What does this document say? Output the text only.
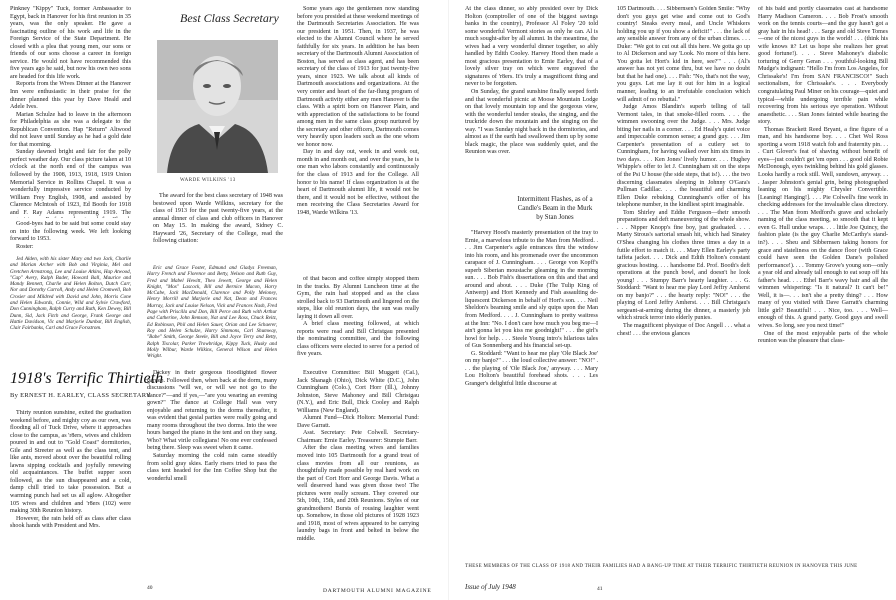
Pinkney "Kippy" Tuck, former Ambassador to Egypt, back in Hanover for his first reunion in 35 years, was the only speaker. He gave a fascinating outline of his work and life in the Foreign Service of the State Department. He closed with a plea that young men, our sons or friends of our sons choose a career in foreign service. He would not have recommended this five years ago he said, but now his own two sons are headed for this life work.

Reports from the Wives Dinner at the Hanover Inn were enthusiastic in their praise for the dinner planned this year by Dave Heald and Adele Ives.

Marian Schulze had to leave in the afternoon for Philadelphia as she was a delegate to the Republican Convention. Hap "Return" Altwood did not leave until Sunday as he had a gold date for that morning.

Sunday dawned bright and fair for the polly perfect weather day. Our class picture taken at 10 o'clock at the north end of the campus was followed by the 1908, 1913, 1918, 1919 Union Memorial Service in Rollins Chapel. It was a wonderfully impressive service conducted by William Frey English, 1908, and assisted by Clarence McIntosh of 1923, Ed Booth for 1918 and F. Ray Adams representing 1919. The

Good-byes had to be said but some could stay on into the following week. We left looking forward to 1953.

Roster:

Best Class Secretary
WARDE WILKINS '13

The award for the best class secretary of 1948 was bestowed upon Warde Wilkins, secretary for the class of 1913 for the past twenty-five years, at the annual dinner of class and club officers in Hanover on May 15. In making the award, Sidney C. Hayward '26, Secretary of the College, read the following citation:

Some years ago the gentlemen now standing before you presided at these weekend meetings of the Dartmouth Secretaries Association. He was our president in 1951. Then, in 1937, he was elected to the Alumni Council where he served faithfully for six years. In addition he has been secretary of the Dartmouth Alumni Association of Boston, has served as class agent, and has been secretary of the class of 1913 for just twenty-five years, since 1923. We talk about all kinds of Dartmouth associations and organizations. At the very center and heart of the far-flung program of Dartmouth activity either any men Hanover is the class. With a spirit born on Hanover Plain, and with appreciation of the satisfactions to be found among men in the same class group nurtured by the secretary and other officers, Dartmouth comes very heavily upon leaders such as the one whom we honor now.

Day in and day out, week in and week out, month in and month out, and over the years, he is one man who labors constantly and continuously for the class of 1913 and for the College. All honor to his name! If class organization is at the heart of Dartmouth alumni life, it would not be there, and it would not be effective, without the men receiving the Class Secretaries Award for 1948, Warde Wilkins '13.

Jed Alden, with his sister Mary and two Jack, Charlie and Marian Archer with Bob and Virginia, Mel and Gretchen Armstrong, Lee and Louise Atkins, Hap Atwood, "Cap" Avery, Ralph Bader, Howard Ball, Maurice and Mandy Bennett, Charlie and Helen Bolton, Dutch Carr, Nor and Dorothy Carroll, Andy and Helen Cromwell, Bob Crosier and Mildred with David and John, Morris Cone and Helen Edwards, Connie, Wild and Sylvie Crawford, Don Cunningham, Ralph Curry and Ruth, Ken Dewey, Bill Dunn, Sid, Jack Fitch and George, Frank George and Hattie Davidson, Vic and Marjorie Dunbar, Bill English, Clair Fairbanks, Carl and Grace Forsstrom.

Eric and Grace Foster, Edmund and Gladys Freeman, Harry French and Florence and Betty, Nelson and Ruth Guy, Fred and Mabel Hewitt, Theo Jewett, George and Helen Knight, "Mox" Lascock, Bill and Bernice Macon, Harry McCabe, Jack MacDonald, Clarence and Polly Meloney, Henry Morrill and Marjorie and Nat, Dean and Frances Murray, Jack and Louise Nelson, Vick and Frances Nash, Fred Page with Priscilla and Don, Bill Perce and Ruth with Arthur and Catherine, John Remson, Nat and Lee Ross, Chuck Reitz, Ed Robinson, Phil and Helen Sauer, Orian and Lee Schaerer, Roy and Helen Schulze, Harry Simmons, Carl Shumway, "Babe" Smith, George Steele, Bill and Joyce Terry and Betty, Ralph Tiscolar, Parker Trowbridge, Kippy Tuck, Husky and Molly Wilbur, Warde Wilkins, General Wilson and Helen Wright.

of that bacon and coffee simply stopped them in the tracks. By Alumni Luncheon time at the Gym, the rain had stopped and as the class strolled back to 93 Dartmouth and lingered on the steps, like old reunion days, the sun was really laying it down all over.

A brief class meeting followed, at which reports were read and Bill Christgau presented the nominating committee, and the following class officers were elected to serve for a period of five years.

1918's Terrific Thirtieth
By ERNEST H. EARLEY, CLASS SECRETARY

Thirty reunion sunshine, exited the graduation weekend before, and mighty coy as our own, was flooding all of Tuck Drive, where it approaches close to the campus, as 'r8ers, wives and children poured in and out to "Gold Coast" dormitories, Gile and Streeter as well as the class tent, and like ants, moved about over the beautiful rolling lawns sipping cocktails and joyfully renewing old acquaintances. The buffet supper soon followed, as the sun disappeared and a cold, damp chill tried to take possession. But a warming punch had set us all aglow. Altogether 105 wives and children and 'r8ers (102) were making 30th Reunion history.

However, the rain held off as class after class shook hands with President and Mrs.

Dickey in their gorgeous floodlighted flower garden. Followed then, when back at the dorm, many discussions "will we, or will we not go to the dance?"—and if yes,—"are you wearing an evening gown?" The dance at College Hall was very enjoyable and returning to the dorms thereafter, it was evident that gesial parties were really going and many rooms throughout the two dorms. Into the wee hours banged the piano in the tent and on they sang. Who? What virile collegians! No one ever confessed being there. Sleep was sweet when it came.

Saturday morning the cold rain came steadily from solid gray skies. Early risers tried to pass the class tent headed for the Inn Coffee Shop but the wonderful smell

Executive Committee: Bill Muggett (Cal.), Jack Shanagh (Ohio), Dick White (D.C.), John Cunningham (Colo.), Cort Horr (Ill.), Johnny Johnston, Steve Mahoney and Bill Christgau (N.Y.), and Eric Bull, Dick Cooley and Ralph Williams (New England).

Alumni Fund—Dick Holton: Memorial Fund: Dave Garratt.

Asst. Secretary: Pete Colwell. Secretary-Chairman: Ernie Earley. Treasurer: Stumpie Barr.

After the class meeting wives and families moved into 105 Dartmouth for a grand treat of class movies from all our reunions, as thoughtfully made possible by real hard work on the part of Cort Horr and George Davis. What a well deserved hand was given those two! The pictures were really scream. They covered our 5th, 10th, 15th, and 20th Reunions. Styles of our grandmothers! Bursts of rousing laughter went up. Somehow, in those old pictures of 1928 1923 and 1918, most of wives appeared to be carrying laundry bags in front and belted in below the middle.

40	DARTMOUTH ALUMNI MAGAZINE

At the class dinner, so ably presided over by Dick Holton (comptroller of one of the biggest savings banks in the country), Professor Al Foley '20 told some wonderful Vermont stories as only he can. Al is much sought-after by all alumni. In the meantime, the wives had a very wonderful dinner together, so ably handled by Edith Cooley. Harvey Hood then made a most gracious presentation to Ernie Earley, that of a lovely silver tray on which were engraved the signatures of 'r8ers. It's truly a magnificent thing and never to be forgotten.

On Sunday, the grand sunshine finally seeped forth and that wonderful picnic at Moose Mountain Lodge on that lovely mountain top and the gorgeous view, with the wonderful tender steaks, the singing, and the truckride down the mountain and the singing on the way. "I was Sunday night back in the dormitories, and almost as if the earth had swallowed them up by some black magic, the place was suddenly quiet, and the Reunion was over.

Intermittent Flashes, as of a Candle's Beam in the Murk
by Stan Jones

"Harvey Hood's masterly presentation of the tray to Ernie, a marvelous tribute to the Man from Medford. . . . Jim Carpenter's agile entrances thru the window into his room, and his promenade over the uncommon carapace of J. Cunningham. . . . George von Kopff's superb Siberian moustache gleaming in the morning sun. . . . Bob Fish's dissertations on this and that and around and about. . . . Duke (The Tulip King of Antwerp) and Hort Kennedy and Fish assaulting de-liquescent Dickerson in behalf of Hort's son. . . . Neil Sheldon's beaming smile and sly quips upon the Man from Medford. . . . J. Cunningham to pretty waitress at the Inn: "No. I don't care how much you beg me—I ain't gonna let you kiss me goodnight!" . . . the girl's howl for help. . . . Steele Young intro's hilarious tales of Gus Sonnenberg and his financial set-up.

G. Stoddard: "Want to hear me play 'Ole Black Joe' on my banjo?" . . . the loud collective answer: "NO!" . . . the playing of 'Ole Black Joe,' anyway. . . . Mary Lou Holton's beautiful forehead shots. . . . Les Granger's delightful little discourse at

105 Dartmouth. . . . Sibbernsen's Golden Smile: "Why don't you guys get wise and come out to God's country! Steaks every meal, and Uncle Whiskers holding you up if you show a deficit!" . . . the lack of any sensible answer from any of the urban climes. . . . Duke: "We got to cut out all this here. We gotta go up to Al Dickerson and say 'Look. No more of this here. You gotta let Hort's kid in here, see?'" . . . (Al's answer has not yet come thru, but we have no doubt but that he had one). . . . Fish: "No, that's not the way, you guys. Let me lay it out for him in a logical manner, leading to an irrefutable conclusion which will admit of no rebuttal."

Judge Amos Blandin's superb telling of tall Vermont tales, in that smoke-filled room. . . . the wimmen swooning over the Judge. . . . Mrs. Judge biting her nails in a corner. . . . Ed Healy's quiet voice and impeccable common sense; a grand guy. . . . Jim Carpenter's presentation of a cutlery set to Cunningham, for having walked over him six times in two days. . . . Ken Jones' lively humor. . . . Hughey Whipple's offer to let J. Cunningham sit on the steps of the Psi U house (the side steps, that is!). . . . the two discerning classmates sleeping in Johnny O'Gara's Pullman Cadillac. . . . the beautiful and charming Ellen Duke rebuking Cunningham's offer of his telephone number, in the kindliest spirit imaginable.

Tom Shirley and Eddie Ferguson—their smooth preparations and deft maneuvering of the whole show. . . . Nipper Knopp's fine boy, just graduated. . . . Marty Strous's sartorial smash hit, which had Sinatey O'Shea changing his clothes three times a day in a futile effort to match it. . . . Mary Ellen Earley's party taffeta jacket. . . . Dick and Edith Holton's constant gracious hosting. . . . handsome Ed. Prof. Booth's deft operations at the punch bowl, and doesn't he look young! . . . Stumpy Barr's hearty laughter. . . . G. Stoddard: "Want to hear me play Lord Jeffry Amherst on my banjo?" . . . the hearty reply: "NO!" . . . the playing of Lord Jeffry Amherst. . . . Bill Christgau's sergeant-at-arming during the dinner, a masterly job which struck terror into elderly punies.

The magnificent physique of Doc Angell . . . what a chest! . . . the envious glances

of his bald and portly classmates cast at handsome Harry Madison Cameron. . . . Bob Frost's smooth work on the tennis courts—and the guy hasn't got a gray hair in his head! . . . Sarge and old Steve Tomes—one of the nicest guys in the world! . . . (think his wife knows it? Let us hope she realizes her great good fortune!). . . . Steve Mahoney's diabolic torturing of Gerry Geran . . . youthful-looking Bill Mudge's indignant: "Hello I'm from Los Angeles, for Chrissake's! I'm from SAN FRANCISCO!" Such sectionalism, for Chrissake's. . . . Everybody congratulating Paul Miner on his courage—quiet and typical—while undergoing terrible pain while recovering from his serious eye operation. Without anaesthetic. . . . Stan Jones fainted while hearing the story.

Thomas Brackett Reed Bryant, a fine figure of a man, and his handsome boy. . . . Chet Wol Ross sporting a worn 1918 watch fob and fraternity pin. . . . Curt Glover's feat of shaving without benefit of eyes—just couldn't get 'em open . . . good old Robie McDonough, eyes twinkling behind his gold glasses. Looks hardly a rock still. Well, sundown, anyway. . . . Jasper Johnston's genial grin, being photographed leaning on his mighty Chrysler Convertible. [Leaning! Hanging!]. . . . Pie Colwell's fine work in checking addresses for the invaluable class directory. . . . The Man from Medford's grave and scholarly naming of the class meeting, so smooth that it kept even G. Hull undue wraps. . . . little Joe Quincy, the fashion plate (is the guy Charlie McCarthy's stand-in?). . . . Sheu and Sibbernsen taking honors for grace and stateliness on the dance floor (with Grace could have seen the Golden Dane's polished performance!). . . . Tommy Grove's young son—only a year old and already tall enough to eat soup off his father's head. . . . Ethel Barr's wavy hair and all the wimmen whispering: "Is it natural? It can't be!" Well, it is—. . . isn't she a pretty thing? . . . How many of you visited with Dave Garratt's charming little girl? Beautiful! . . . Nice, too. . . . Well—enough of this. A grand party. Good guys and swell wives. So long, see you next time!"

One of the most enjoyable parts of the whole reunion was the pleasure that class-

THESE MEMBERS OF THE CLASS OF 1918 AND THEIR FAMILIES HAD A BANG-UP TIME AT THEIR TERRIFIC THIRTIETH REUNION IN HANOVER THIS JUNE
Issue of July 1948	41
